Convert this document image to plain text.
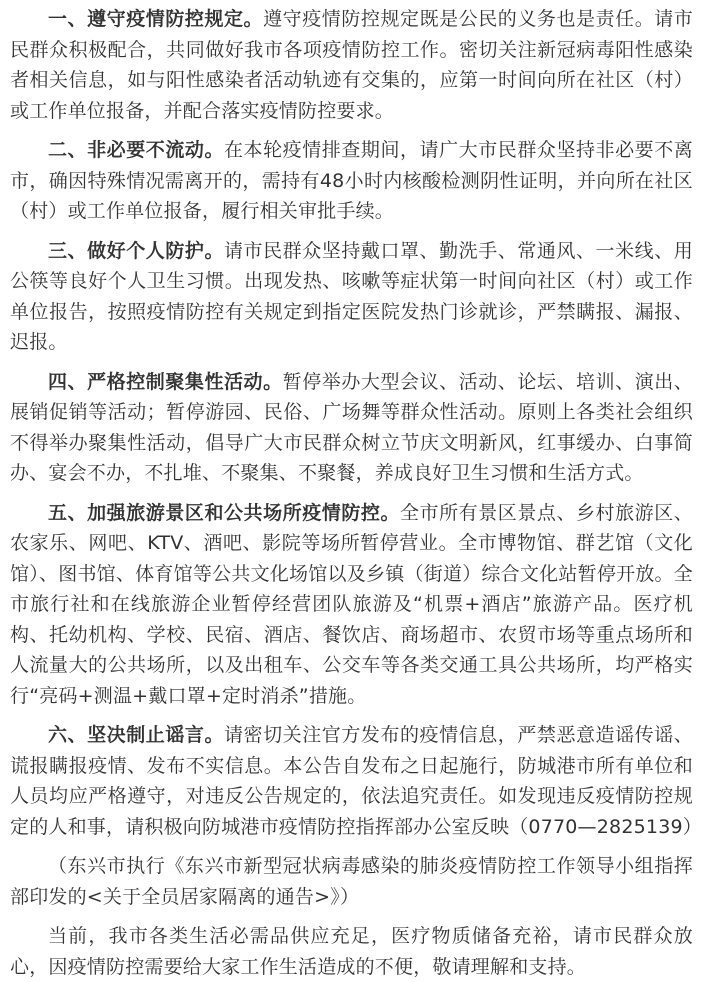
一、遵守疫情防控规定。遵守疫情防控规定既是公民的义务也是责任。请市民群众积极配合，共同做好我市各项疫情防控工作。密切关注新冠病毒阳性感染者相关信息，如与阳性感染者活动轨迹有交集的，应第一时间向所在社区（村）或工作单位报备，并配合落实疫情防控要求。

二、非必要不流动。在本轮疫情排查期间，请广大市民群众坚持非必要不离市，确因特殊情况需离开的，需持有48小时内核酸检测阴性证明，并向所在社区（村）或工作单位报备，履行相关审批手续。

三、做好个人防护。请市民群众坚持戴口罩、勤洗手、常通风、一米线、用公筷等良好个人卫生习惯。出现发热、咳嗽等症状第一时间向社区（村）或工作单位报告，按照疫情防控有关规定到指定医院发热门诊就诊，严禁瞒报、漏报、迟报。

四、严格控制聚集性活动。暂停举办大型会议、活动、论坛、培训、演出、展销促销等活动；暂停游园、民俗、广场舞等群众性活动。原则上各类社会组织不得举办聚集性活动，倡导广大市民群众树立节庆文明新风，红事缓办、白事简办、宴会不办，不扎堆、不聚集、不聚餐，养成良好卫生习惯和生活方式。

五、加强旅游景区和公共场所疫情防控。全市所有景区景点、乡村旅游区、农家乐、网吧、KTV、酒吧、影院等场所暂停营业。全市博物馆、群艺馆（文化馆）、图书馆、体育馆等公共文化场馆以及乡镇（街道）综合文化站暂停开放。全市旅行社和在线旅游企业暂停经营团队旅游及“机票+酒店”旅游产品。医疗机构、托幼机构、学校、民宿、酒店、餐饮店、商场超市、农贸市场等重点场所和人流量大的公共场所，以及出租车、公交车等各类交通工具公共场所，均严格实行“亮码+测温+戴口罩+定时消杀”措施。

六、坚决制止谣言。请密切关注官方发布的疫情信息，严禁恶意造谣传谣、谎报瞒报疫情、发布不实信息。本公告自发布之日起施行，防城港市所有单位和人员均应严格遵守，对违反公告规定的，依法追究责任。如发现违反疫情防控规定的人和事，请积极向防城港市疫情防控指挥部办公室反映（0770—2825139）

（东兴市执行《东兴市新型冠状病毒感染的肺炎疫情防控工作领导小组指挥部印发的<关于全员居家隔离的通告>》）

当前，我市各类生活必需品供应充足，医疗物质储备充裕，请市民群众放心，因疫情防控需要给大家工作生活造成的不便，敬请理解和支持。
